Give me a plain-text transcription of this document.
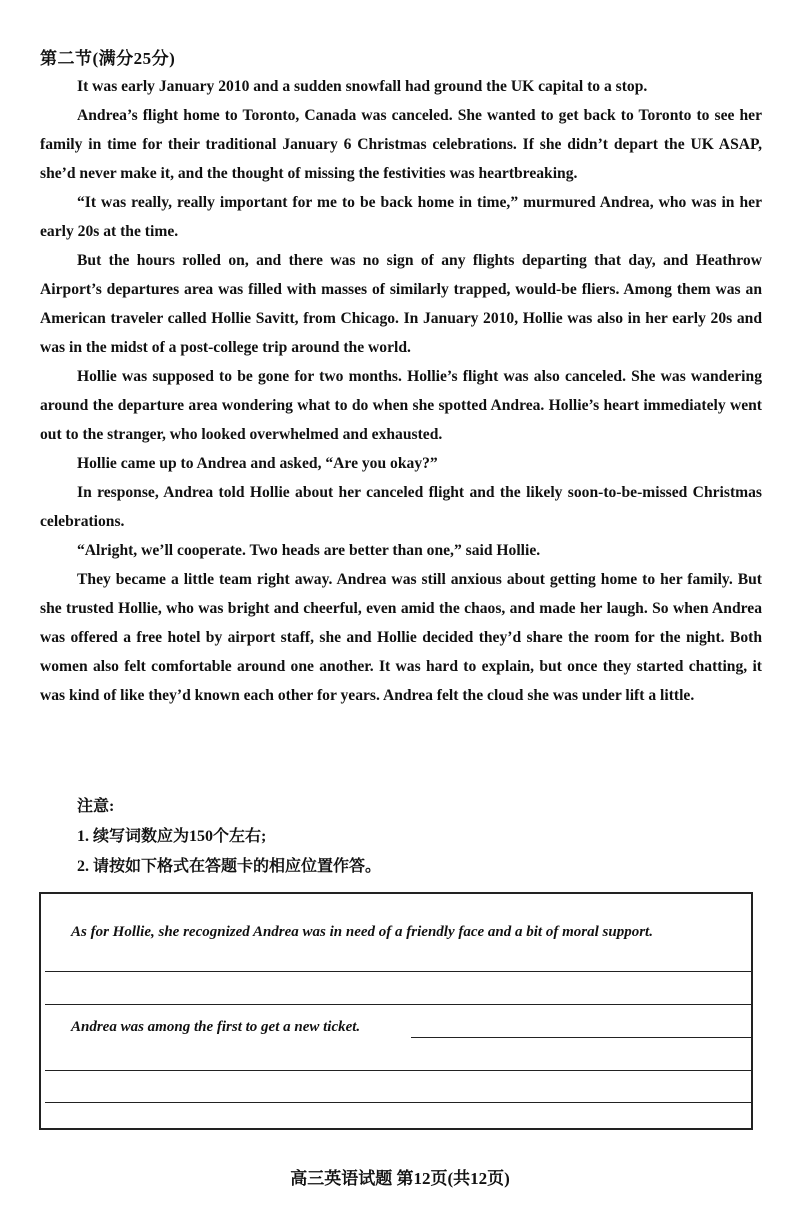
第二节(满分25分)

It was early January 2010 and a sudden snowfall had ground the UK capital to a stop.

Andrea’s flight home to Toronto, Canada was canceled. She wanted to get back to Toronto to see her family in time for their traditional January 6 Christmas celebrations. If she didn’t depart the UK ASAP, she’d never make it, and the thought of missing the festivities was heartbreaking.

“It was really, really important for me to be back home in time,” murmured Andrea, who was in her early 20s at the time.

But the hours rolled on, and there was no sign of any flights departing that day, and Heathrow Airport’s departures area was filled with masses of similarly trapped, would-be fliers. Among them was an American traveler called Hollie Savitt, from Chicago. In January 2010, Hollie was also in her early 20s and was in the midst of a post-college trip around the world.

Hollie was supposed to be gone for two months. Hollie’s flight was also canceled. She was wandering around the departure area wondering what to do when she spotted Andrea. Hollie’s heart immediately went out to the stranger, who looked overwhelmed and exhausted.

Hollie came up to Andrea and asked, “Are you okay?”

In response, Andrea told Hollie about her canceled flight and the likely soon-to-be-missed Christmas celebrations.

“Alright, we’ll cooperate. Two heads are better than one,” said Hollie.

They became a little team right away. Andrea was still anxious about getting home to her family. But she trusted Hollie, who was bright and cheerful, even amid the chaos, and made her laugh. So when Andrea was offered a free hotel by airport staff, she and Hollie decided they’d share the room for the night. Both women also felt comfortable around one another. It was hard to explain, but once they started chatting, it was kind of like they’d known each other for years. Andrea felt the cloud she was under lift a little.

注意:
1. 续写词数应为150个左右;
2. 请按如下格式在答题卡的相应位置作答。
As for Hollie, she recognized Andrea was in need of a friendly face and a bit of moral support.
Andrea was among the first to get a new ticket.
高三英语试题 第12页(共12页)
